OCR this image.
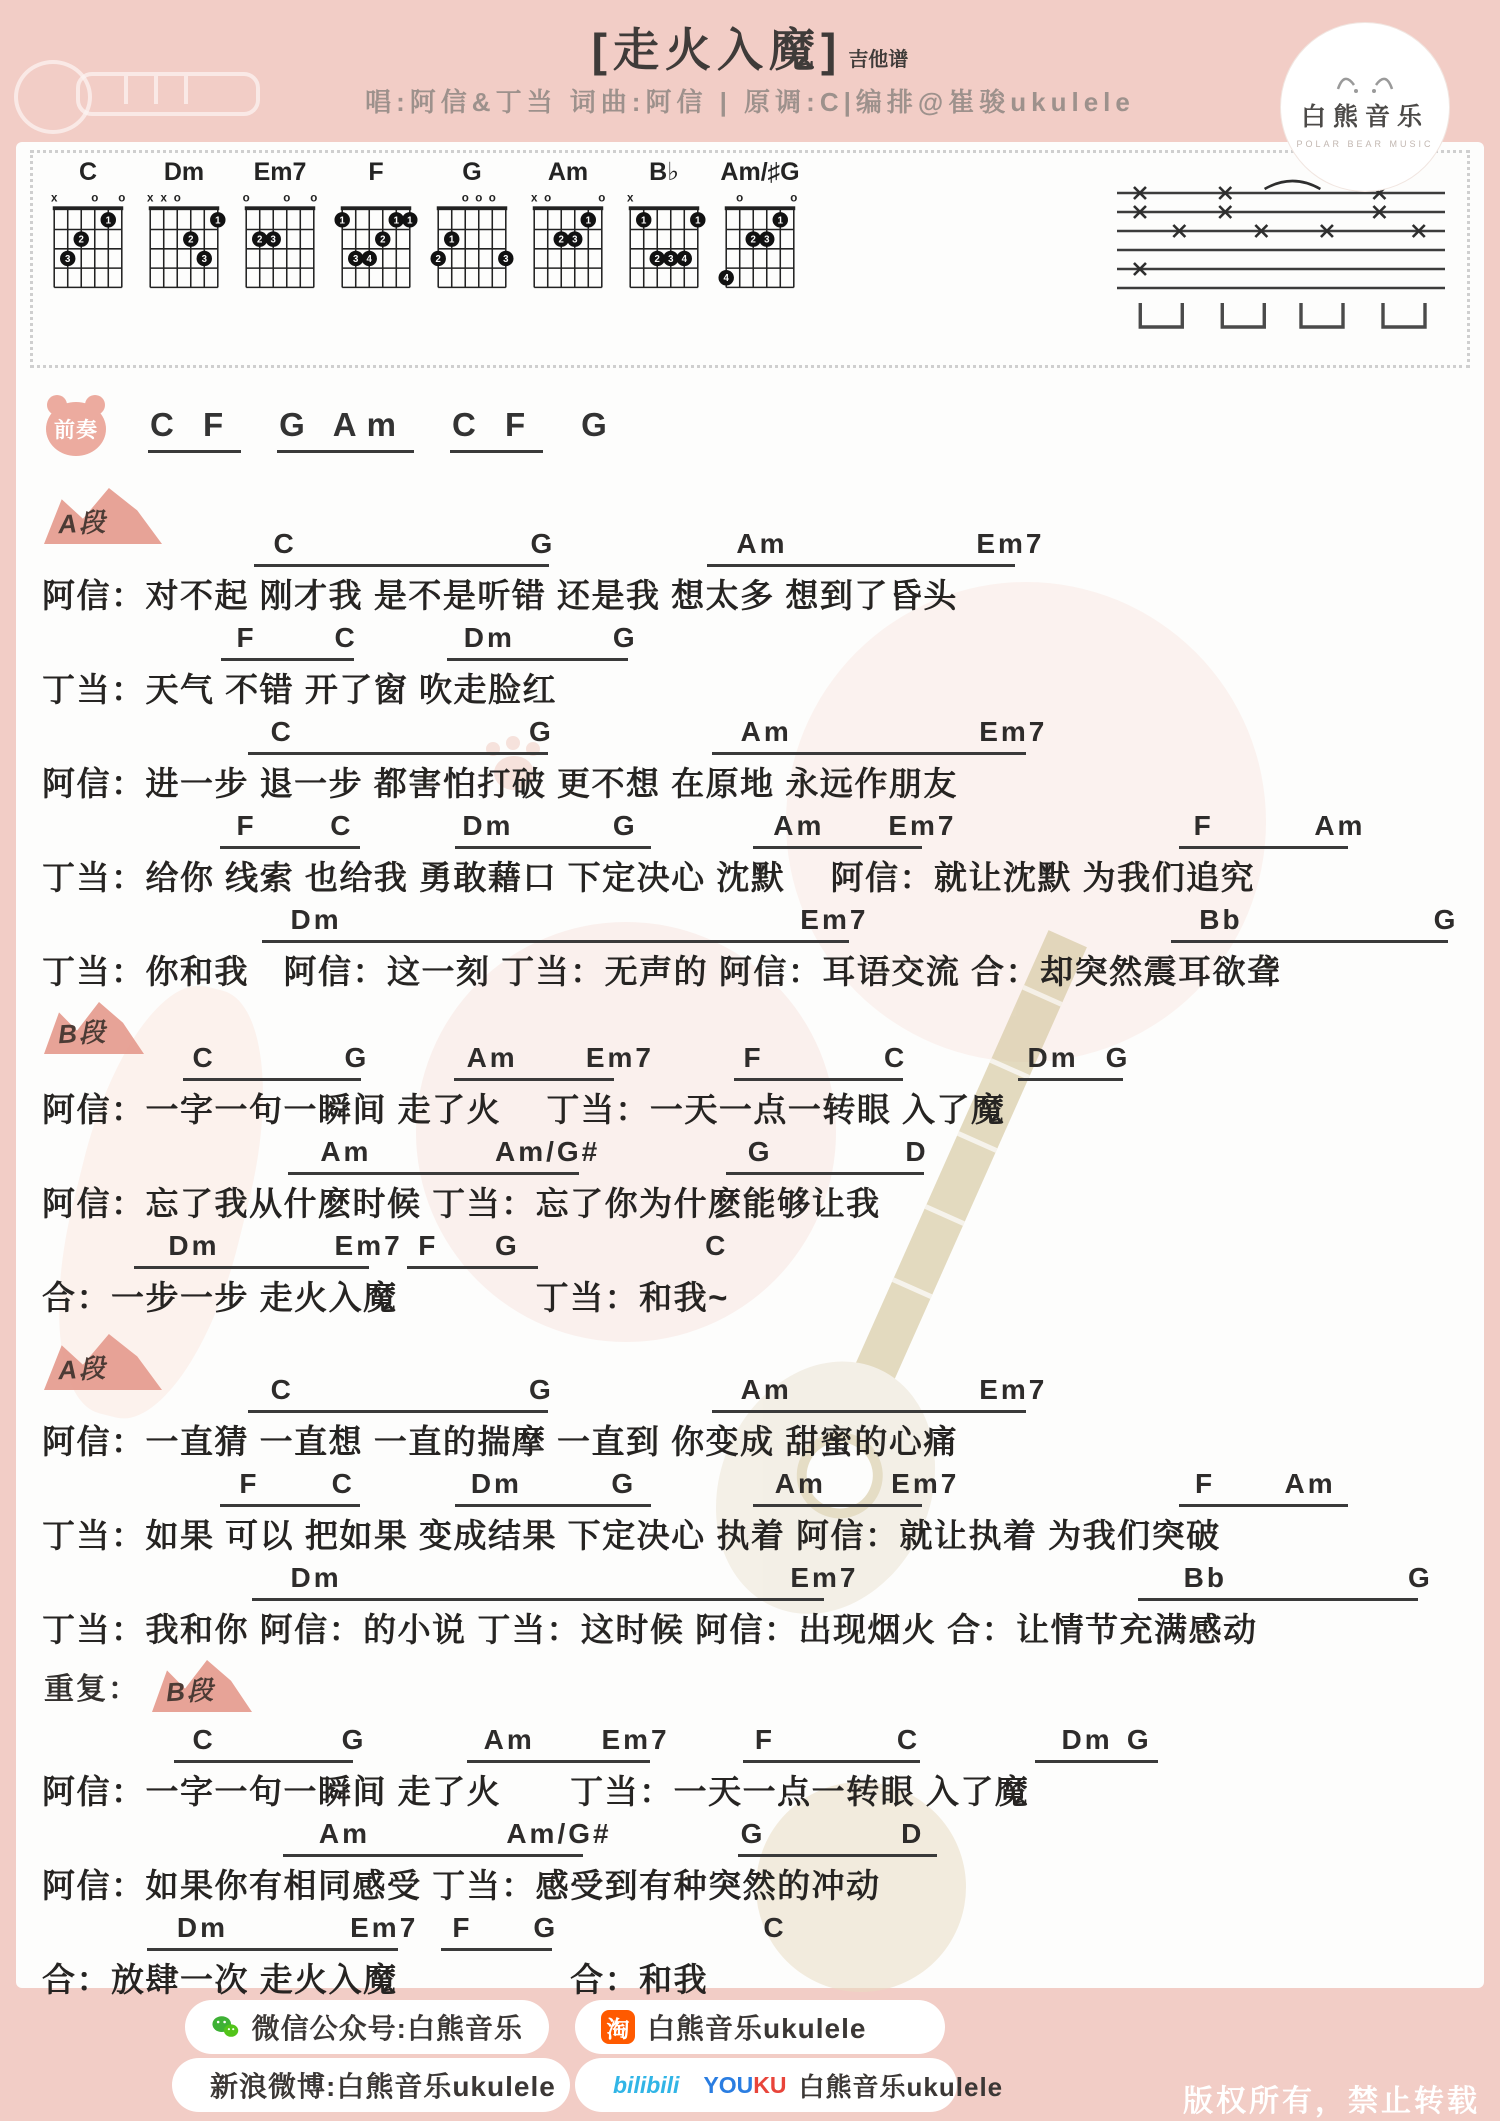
[走火入魔] 吉他谱
唱:阿信&丁当 词曲:阿信 | 原调:C|编排@崔骏ukulele	白熊音乐
POLAR BEAR MUSIC
C
x	o o
3
2
1
Dm
x x o
2
3
1
Em7
o	o o
2 3
F
1	1 1
2
3 4
G
o o o
1
2	3
Am
x o	o
1
2 3
B♭
x
1	1
2 3 4
Am/♯G
o	o
1
2 3
4
前奏 C F G Am C F G
A段
C	G	Am	Em7
阿信：对不起 刚才我 是不是听错 还是我 想太多 想到了昏头
F	C	Dm	G
丁当：天气 不错 开了窗 吹走脸红
C	G	Am	Em7
阿信：进一步 退一步 都害怕打破 更不想 在原地 永远作朋友
F	C	Dm	G	Am Em7	F	Am
丁当：给你 线索 也给我 勇敢藉口 下定决心 沈默　 阿信：就让沈默 为我们追究
Dm	Em7	Bb	G
丁当：你和我　阿信：这一刻 丁当：无声的 阿信：耳语交流 合：却突然震耳欲聋
B段
C	G	Am Em7	F	C	Dm G
阿信：一字一句一瞬间 走了火　 丁当：一天一点一转眼 入了魔
Am	Am/G#	G	D
阿信：忘了我从什麽时候 丁当：忘了你为什麽能够让我
Dm	Em7 F G	C
合：一步一步 走火入魔　　　　丁当：和我~
A段
C	G	Am	Em7
阿信：一直猜 一直想 一直的揣摩 一直到 你变成 甜蜜的心痛
F	C	Dm	G	Am Em7	F Am
丁当：如果 可以 把如果 变成结果 下定决心 执着 阿信：就让执着 为我们突破
Dm	Em7	Bb	G
丁当：我和你 阿信：的小说 丁当：这时候 阿信：出现烟火 合：让情节充满感动
重复： B段
C	G	Am Em7	F	C	Dm G
阿信：一字一句一瞬间 走了火　　丁当：一天一点一转眼 入了魔
Am	Am/G#	G	D
阿信：如果你有相同感受 丁当：感受到有种突然的冲动
Dm	Em7 F G	C
合：放肆一次 走火入魔　　　　　合：和我
微信公众号:白熊音乐	淘 白熊音乐ukulele
新浪微博:白熊音乐ukulele bilibili YOUKU 白熊音乐ukulele	版权所有，禁止转载
